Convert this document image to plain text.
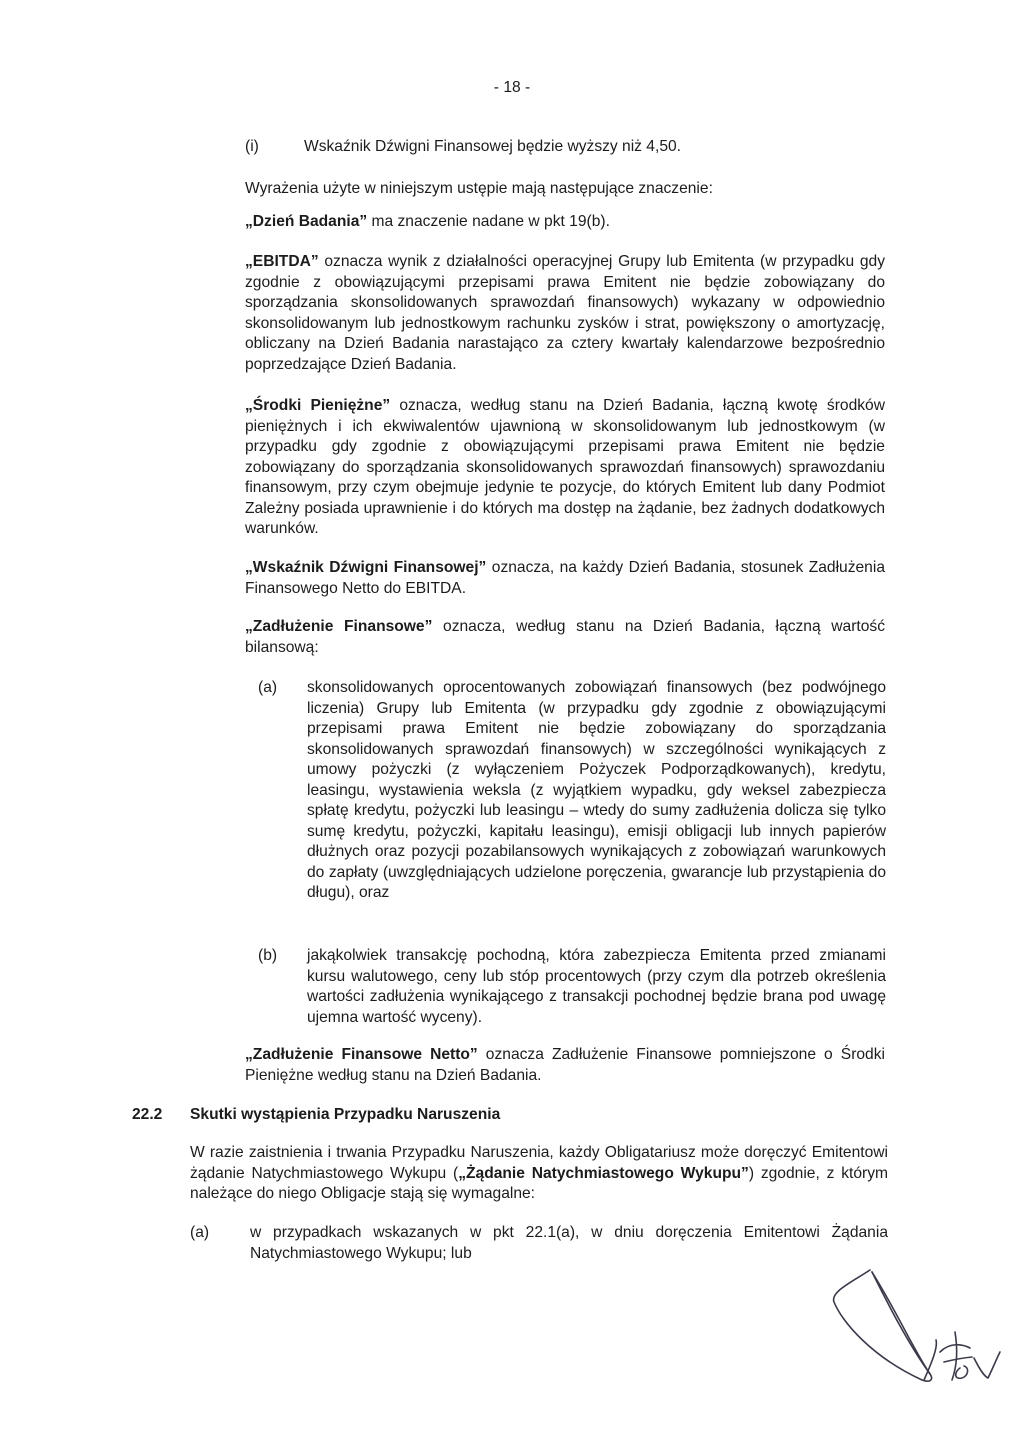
- 18 -
(i)	Wskaźnik Dźwigni Finansowej będzie wyższy niż 4,50.
Wyrażenia użyte w niniejszym ustępie mają następujące znaczenie:
„Dzień Badania” ma znaczenie nadane w pkt 19(b).
„EBITDA” oznacza wynik z działalności operacyjnej Grupy lub Emitenta (w przypadku gdy zgodnie z obowiązującymi przepisami prawa Emitent nie będzie zobowiązany do sporządzania skonsolidowanych sprawozdań finansowych) wykazany w odpowiednio skonsolidowanym lub jednostkowym rachunku zysków i strat, powiększony o amortyzację, obliczany na Dzień Badania narastająco za cztery kwartały kalendarzowe bezpośrednio poprzedzające Dzień Badania.
„Środki Pieniężne” oznacza, według stanu na Dzień Badania, łączną kwotę środków pieniężnych i ich ekwiwalentów ujawnioną w skonsolidowanym lub jednostkowym (w przypadku gdy zgodnie z obowiązującymi przepisami prawa Emitent nie będzie zobowiązany do sporządzania skonsolidowanych sprawozdań finansowych) sprawozdaniu finansowym, przy czym obejmuje jedynie te pozycje, do których Emitent lub dany Podmiot Zależny posiada uprawnienie i do których ma dostęp na żądanie, bez żadnych dodatkowych warunków.
„Wskaźnik Dźwigni Finansowej” oznacza, na każdy Dzień Badania, stosunek Zadłużenia Finansowego Netto do EBITDA.
„Zadłużenie Finansowe” oznacza, według stanu na Dzień Badania, łączną wartość bilansową:
(a) skonsolidowanych oprocentowanych zobowiązań finansowych (bez podwójnego liczenia) Grupy lub Emitenta (w przypadku gdy zgodnie z obowiązującymi przepisami prawa Emitent nie będzie zobowiązany do sporządzania skonsolidowanych sprawozdań finansowych) w szczególności wynikających z umowy pożyczki (z wyłączeniem Pożyczek Podporządkowanych), kredytu, leasingu, wystawienia weksla (z wyjątkiem wypadku, gdy weksel zabezpiecza spłatę kredytu, pożyczki lub leasingu – wtedy do sumy zadłużenia dolicza się tylko sumę kredytu, pożyczki, kapitału leasingu), emisji obligacji lub innych papierów dłużnych oraz pozycji pozabilansowych wynikających z zobowiązań warunkowych do zapłaty (uwzględniających udzielone poręczenia, gwarancje lub przystąpienia do długu), oraz
(b) jakąkolwiek transakcję pochodną, która zabezpiecza Emitenta przed zmianami kursu walutowego, ceny lub stóp procentowych (przy czym dla potrzeb określenia wartości zadłużenia wynikającego z transakcji pochodnej będzie brana pod uwagę ujemna wartość wyceny).
„Zadłużenie Finansowe Netto” oznacza Zadłużenie Finansowe pomniejszone o Środki Pieniężne według stanu na Dzień Badania.
22.2	Skutki wystąpienia Przypadku Naruszenia
W razie zaistnienia i trwania Przypadku Naruszenia, każdy Obligatariusz może doręczyć Emitentowi żądanie Natychmiastowego Wykupu („Żądanie Natychmiastowego Wykupu”) zgodnie, z którym należące do niego Obligacje stają się wymagalne:
(a)	w przypadkach wskazanych w pkt 22.1(a), w dniu doręczenia Emitentowi Żądania Natychmiastowego Wykupu; lub
